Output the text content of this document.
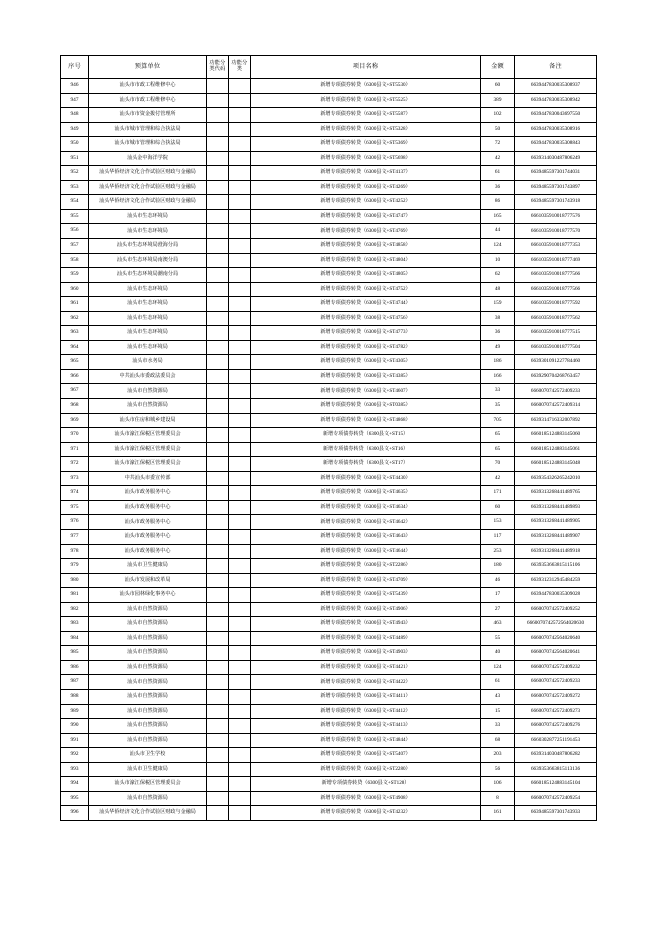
序号	预算单位	功能分类代码	功能分类	项目名称	金额	备注
946	汕头市市政工程维修中心			新增专项债券转贷（6300县文+ST5530）	60	6639447830035308937
947	汕头市市政工程维修中心			新增专项债券转贷（6300县文+ST5525）	389	6639447830035308942
948	汕头市市资金拨付管理所			新增专项债券转贷（6300县文+ST5587）	102	6639447830043697550
949	汕头市城市管理和综合执法局			新增专项债券转贷（6300县文+ST5328）	50	6639447830035308916
950	汕头市城市管理和综合执法局			新增专项债券转贷（6300县文+ST5369）	72	6639447830035308843
951	汕头金中海洋学院			新增专项债券转贷（6300县文+ST5698）	42	6639314030487806249
952	汕头华侨经济文化合作试验区财政与金融局			新增专项债券转贷（6300县文+ST4137）	61	6639485597301744031
953	汕头华侨经济文化合作试验区财政与金融局			新增专项债券转贷（6300县文+ST4269）	36	6639485597301743897
954	汕头华侨经济文化合作试验区财政与金融局			新增专项债券转贷（6300县文+ST4252）	86	6639485597301743918
955	汕头市生态环境局			新增专项债券转贷（6300县文+ST4747）	165	6661035910018777576
956	汕头市生态环境局			新增专项债券转贷（6300县文+ST4769）	44	6661035910018777570
957	汕头市生态环境局澄海分局			新增专项债券转贷（6300县文+ST4858）	124	6661035910018777353
958	汕头市生态环境局南澳分局			新增专项债券转贷（6300县文+ST4804）	10	6661035910018777469
959	汕头市生态环境局潮南分局			新增专项债券转贷（6300县文+ST4805）	62	6661035910018777566
960	汕头市生态环境局			新增专项债券转贷（6300县文+ST4752）	48	6661035910018777566
961	汕头市生态环境局			新增专项债券转贷（6300县文+ST4744）	159	6661035910018777592
962	汕头市生态环境局			新增专项债券转贷（6300县文+ST4756）	38	6661035910018777562
963	汕头市生态环境局			新增专项债券转贷（6300县文+ST4773）	36	6661035910018777515
964	汕头市生态环境局			新增专项债券转贷（6300县文+ST4782）	49	6661035910018777504
965	汕头市水务局			新增专项债券转贷（6300县文+ST4305）	186	6639301091227784460
966	中共汕头市委政法委员会			新增专项债券转贷（6300县文+ST4385）	166	6639290704268763457
967	汕头市自然资源局			新增专项债券转贷（6300县文+ST4607）	33	6660070742572409233
968	汕头市自然资源局			新增专项债券转贷（6300县文+ST0385）	35	6660070742572409314
969	汕头市住房和城乡建设局			新增专项债券转贷（6300县文+ST4868）	705	6639314716332007892
970	汕头市濠江保税区管理委员会			新增专项债券转贷（6300县文+ST15）	65	6660185124883145060
971	汕头市濠江保税区管理委员会			新增专项债券转贷（6300县文+ST16）	65	6660185124883145061
972	汕头市濠江保税区管理委员会			新增专项债券转贷（6300县文+ST17）	70	6660185124883145048
973	中共汕头市委宣传部			新增专项债券转贷（6300县文+ST4430）	42	6639354326265242010
974	汕头市政务服务中心			新增专项债券转贷（6300县文+ST4635）	171	6639313268441489765
975	汕头市政务服务中心			新增专项债券转贷（6300县文+ST4634）	60	6639313268441489893
976	汕头市政务服务中心			新增专项债券转贷（6300县文+ST4642）	153	6639313268441489905
977	汕头市政务服务中心			新增专项债券转贷（6300县文+ST4643）	117	6639313268441489907
978	汕头市政务服务中心			新增专项债券转贷（6300县文+ST4644）	253	6639313268441489918
979	汕头市卫生健康局			新增专项债券转贷（6300县文+ST2286）	180	6639353663815115106
980	汕头市发展和改革局			新增专项债券转贷（6300县文+ST4709）	46	6639312312945484259
981	汕头市园林绿化事务中心			新增专项债券转贷（6300县文+ST5439）	17	6639447830035309028
982	汕头市自然资源局			新增专项债券转贷（6300县文+ST4906）	27	6660070742572409252
983	汕头市自然资源局			新增专项债券转贷（6300县文+ST4943）	463	6660070742572564020630
984	汕头市自然资源局			新增专项债券转贷（6300县文+ST4489）	55	6660070742564020640
985	汕头市自然资源局			新增专项债券转贷（6300县文+ST4903）	40	6660070742564020641
986	汕头市自然资源局			新增专项债券转贷（6300县文+ST4421）	124	6660070742572409232
987	汕头市自然资源局			新增专项债券转贷（6300县文+ST4422）	61	6660070742572409233
988	汕头市自然资源局			新增专项债券转贷（6300县文+ST4411）	43	6660070742572409272
989	汕头市自然资源局			新增专项债券转贷（6300县文+ST4412）	15	6660070742572409273
990	汕头市自然资源局			新增专项债券转贷（6300县文+ST4413）	33	6660070742572409276
991	汕头市自然资源局			新增专项债券转贷（6300县文+ST4844）	68	6660302877251191453
992	汕头市卫生学校			新增专项债券转贷（6300县文+ST5407）	203	6639314030487806282
993	汕头市卫生健康局			新增专项债券转贷（6300县文+ST2280）	56	6639353663815113136
994	汕头市濠江保税区管理委员会			新增专项债券转贷（6300县文+ST128）	106	6660185124883145104
995	汕头市自然资源局			新增专项债券转贷（6300县文+ST4908）	8	6660070742572409254
996	汕头华侨经济文化合作试验区财政与金融局			新增专项债券转贷（6300县文+ST4232）	161	6639485597301743933
